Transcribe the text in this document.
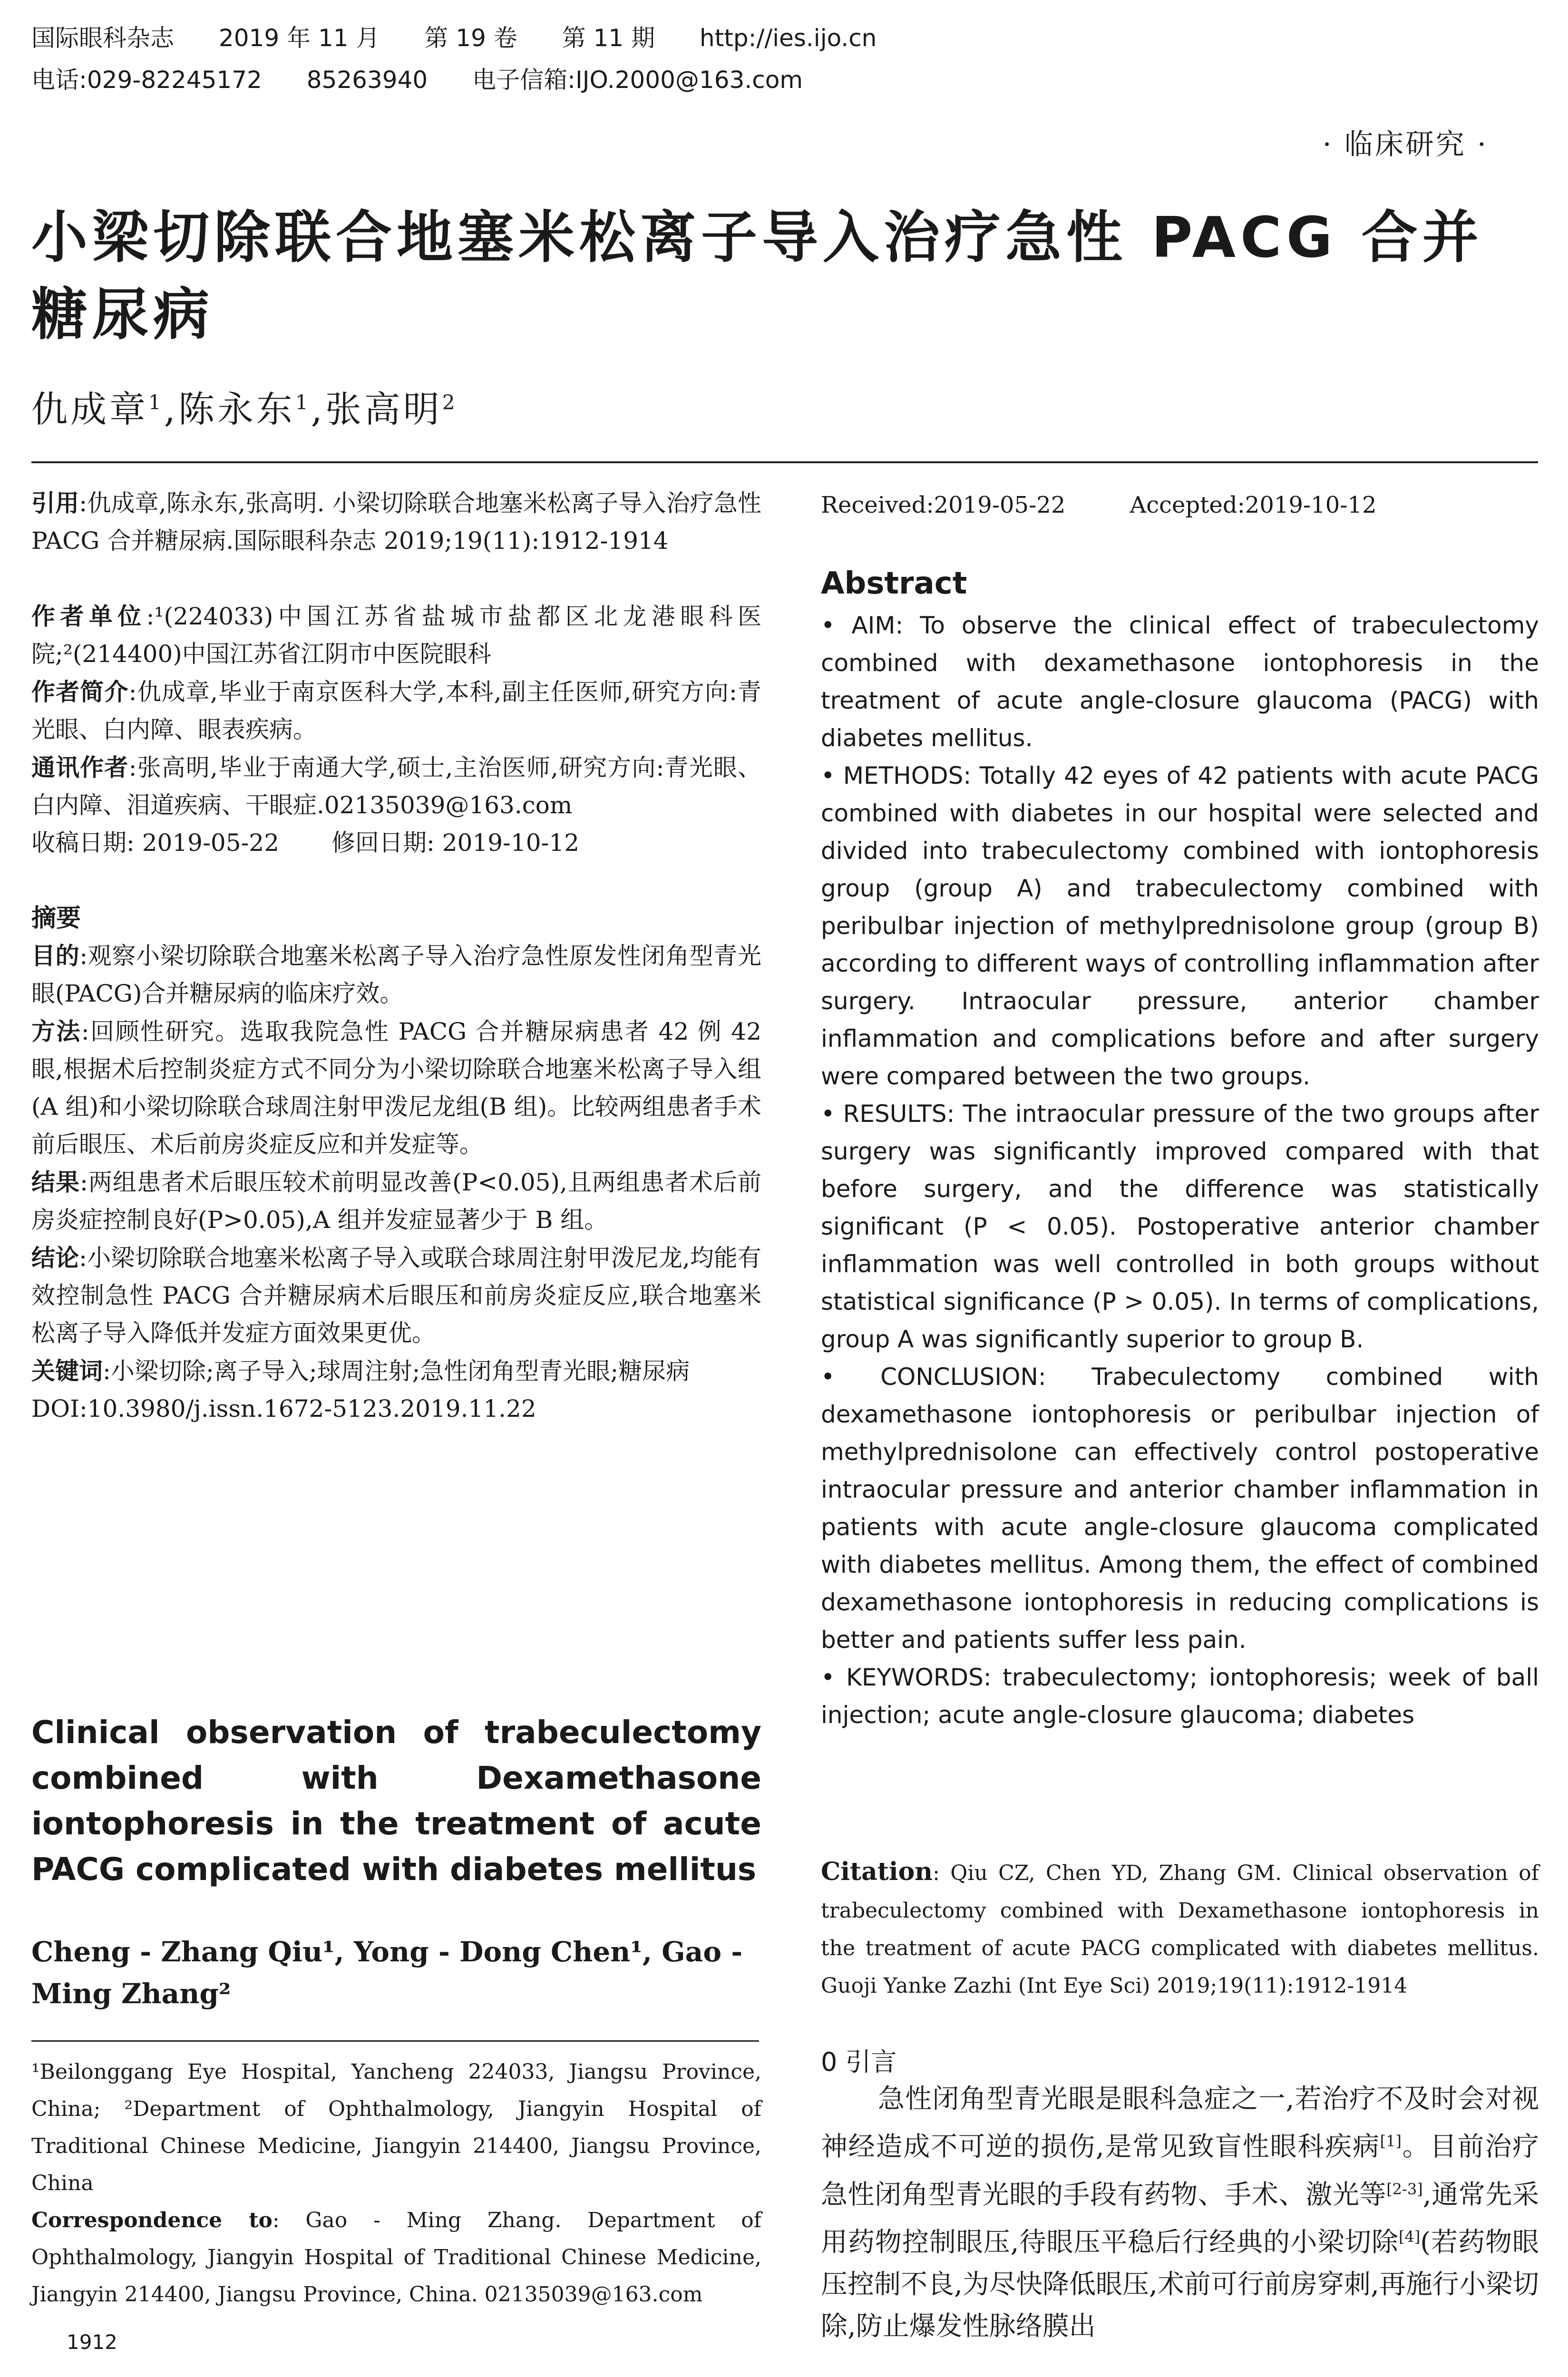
国际眼科杂志 2019 年 11 月 第 19 卷 第 11 期 http://ies.ijo.cn
电话:029-82245172 85263940 电子信箱:IJO.2000@163.com
· 临床研究 ·
小梁切除联合地塞米松离子导入治疗急性 PACG 合并糖尿病
仇成章$^1$,陈永东$^1$,张高明$^2$

引用:仇成章,陈永东,张高明. 小梁切除联合地塞米松离子导入治疗急性 PACG 合并糖尿病.国际眼科杂志 2019;19(11):1912-1914

作者单位:¹(224033)中国江苏省盐城市盐都区北龙港眼科医院;²(214400)中国江苏省江阴市中医院眼科

作者简介:仇成章,毕业于南京医科大学,本科,副主任医师,研究方向:青光眼、白内障、眼表疾病。

通讯作者:张高明,毕业于南通大学,硕士,主治医师,研究方向:青光眼、白内障、泪道疾病、干眼症.02135039@163.com

收稿日期: 2019-05-22 修回日期: 2019-10-12

摘要

目的:观察小梁切除联合地塞米松离子导入治疗急性原发性闭角型青光眼(PACG)合并糖尿病的临床疗效。

方法:回顾性研究。选取我院急性 PACG 合并糖尿病患者 42 例 42 眼,根据术后控制炎症方式不同分为小梁切除联合地塞米松离子导入组(A 组)和小梁切除联合球周注射甲泼尼龙组(B 组)。比较两组患者手术前后眼压、术后前房炎症反应和并发症等。

结果:两组患者术后眼压较术前明显改善(P<0.05),且两组患者术后前房炎症控制良好(P>0.05),A 组并发症显著少于 B 组。

结论:小梁切除联合地塞米松离子导入或联合球周注射甲泼尼龙,均能有效控制急性 PACG 合并糖尿病术后眼压和前房炎症反应,联合地塞米松离子导入降低并发症方面效果更优。

关键词:小梁切除;离子导入;球周注射;急性闭角型青光眼;糖尿病

DOI:10.3980/j.issn.1672-5123.2019.11.22

Clinical observation of trabeculectomy combined with Dexamethasone iontophoresis in the treatment of acute PACG complicated with diabetes mellitus
Cheng - Zhang Qiu¹, Yong - Dong Chen¹, Gao - Ming Zhang²

¹Beilonggang Eye Hospital, Yancheng 224033, Jiangsu Province, China; ²Department of Ophthalmology, Jiangyin Hospital of Traditional Chinese Medicine, Jiangyin 214400, Jiangsu Province, China

Correspondence to: Gao - Ming Zhang. Department of Ophthalmology, Jiangyin Hospital of Traditional Chinese Medicine, Jiangyin 214400, Jiangsu Province, China. 02135039@163.com

Received:2019-05-22	Accepted:2019-10-12
Abstract

• AIM: To observe the clinical effect of trabeculectomy combined with dexamethasone iontophoresis in the treatment of acute angle-closure glaucoma (PACG) with diabetes mellitus.

• METHODS: Totally 42 eyes of 42 patients with acute PACG combined with diabetes in our hospital were selected and divided into trabeculectomy combined with iontophoresis group (group A) and trabeculectomy combined with peribulbar injection of methylprednisolone group (group B) according to different ways of controlling inflammation after surgery. Intraocular pressure, anterior chamber inflammation and complications before and after surgery were compared between the two groups.

• RESULTS: The intraocular pressure of the two groups after surgery was significantly improved compared with that before surgery, and the difference was statistically significant (P < 0.05). Postoperative anterior chamber inflammation was well controlled in both groups without statistical significance (P > 0.05). In terms of complications, group A was significantly superior to group B.

• CONCLUSION: Trabeculectomy combined with dexamethasone iontophoresis or peribulbar injection of methylprednisolone can effectively control postoperative intraocular pressure and anterior chamber inflammation in patients with acute angle-closure glaucoma complicated with diabetes mellitus. Among them, the effect of combined dexamethasone iontophoresis in reducing complications is better and patients suffer less pain.

• KEYWORDS: trabeculectomy; iontophoresis; week of ball injection; acute angle-closure glaucoma; diabetes

Citation: Qiu CZ, Chen YD, Zhang GM. Clinical observation of trabeculectomy combined with Dexamethasone iontophoresis in the treatment of acute PACG complicated with diabetes mellitus. Guoji Yanke Zazhi (Int Eye Sci) 2019;19(11):1912-1914
0 引言
急性闭角型青光眼是眼科急症之一,若治疗不及时会对视神经造成不可逆的损伤,是常见致盲性眼科疾病[1]。目前治疗急性闭角型青光眼的手段有药物、手术、激光等[2-3],通常先采用药物控制眼压,待眼压平稳后行经典的小梁切除[4](若药物眼压控制不良,为尽快降低眼压,术前可行前房穿刺,再施行小梁切除,防止爆发性脉络膜出
1912
